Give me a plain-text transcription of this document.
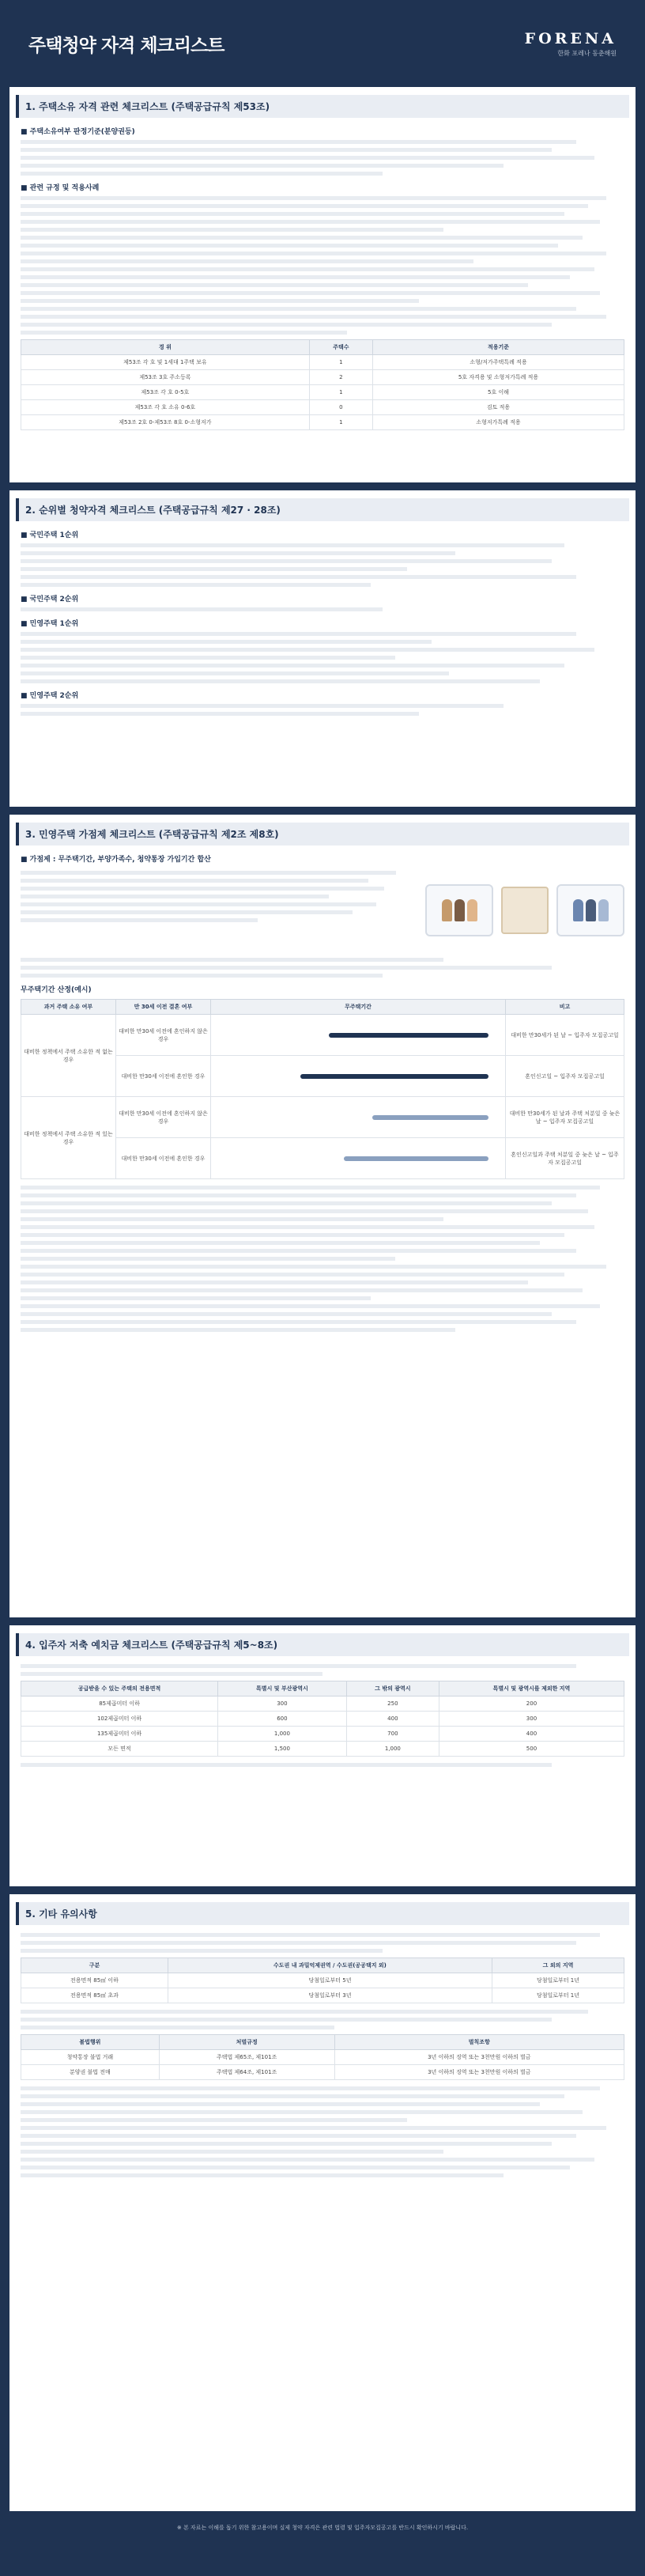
주택청약 자격 체크리스트	FORENA
한화 포레나 동춘해원
1. 주택소유 자격 관련 체크리스트 (주택공급규칙 제53조)
■ 주택소유여부 판정기준(분양권등)
■ 관련 규정 및 적용사례
경 위	주택수	적용기준
제53조 각 호 및 1세대 1주택 보유	1	소형/저가주택특례 적용
제53조 3호 주소등록	2	5호 자격용 및 소형저가특례 적용
제53조 각 호 0-5호	1	5호 이해
제53조 각 호 소유 0-6호	0	검토 적용
제53조 2호 0-제53조 8호 0-소형저가	1	소형저가특례 적용
2. 순위별 청약자격 체크리스트 (주택공급규칙 제27 · 28조)
■ 국민주택 1순위
■ 국민주택 2순위
■ 민영주택 1순위
■ 민영주택 2순위
3. 민영주택 가점제 체크리스트 (주택공급규칙 제2조 제8호)
■ 가점제 : 무주택기간, 부양가족수, 청약통장 가입기간 합산
무주택기간 산정(예시)
과거 주택 소유 여부	만 30세 이전 결혼 여부	무주택기간	비고
대비한 정책에서 주택 소유한 적 없는 경우	대비한 만30세 이전에 혼인하지 않은 경우		대비한 만30세가 된 날 ~ 입주자 모집공고일
	대비한 만30세 이전에 혼인한 경우		혼인신고일 ~ 입주자 모집공고일
대비한 정책에서 주택 소유한 적 있는 경우	대비한 만30세 이전에 혼인하지 않은 경우		대비한 만30세가 된 날과 주택 처분일 중 늦은 날 ~ 입주자 모집공고일
	대비한 만30세 이전에 혼인한 경우		혼인신고일과 주택 처분일 중 늦은 날 ~ 입주자 모집공고일
4. 입주자 저축 예치금 체크리스트 (주택공급규칙 제5~8조)
공급받을 수 있는 주택의 전용면적	특별시 및 부산광역시	그 밖의 광역시	특별시 및 광역시를 제외한 지역
85제곱미터 이하	300	250	200
102제곱미터 이하	600	400	300
135제곱미터 이하	1,000	700	400
모든 면적	1,500	1,000	500
5. 기타 유의사항
구분	수도권 내 과밀억제권역 / 수도권(공공택지 외)	그 외의 지역
전용면적 85㎡ 이하	당첨일로부터 5년	당첨일로부터 1년
전용면적 85㎡ 초과	당첨일로부터 3년	당첨일로부터 1년
불법행위	처벌규정	벌칙조항
청약통장 불법 거래	주택법 제65조, 제101조	3년 이하의 징역 또는 3천만원 이하의 벌금
분양권 불법 전매	주택법 제64조, 제101조	3년 이하의 징역 또는 3천만원 이하의 벌금
※ 본 자료는 이해를 돕기 위한 참고용이며 실제 청약 자격은 관련 법령 및 입주자모집공고를 반드시 확인하시기 바랍니다.
